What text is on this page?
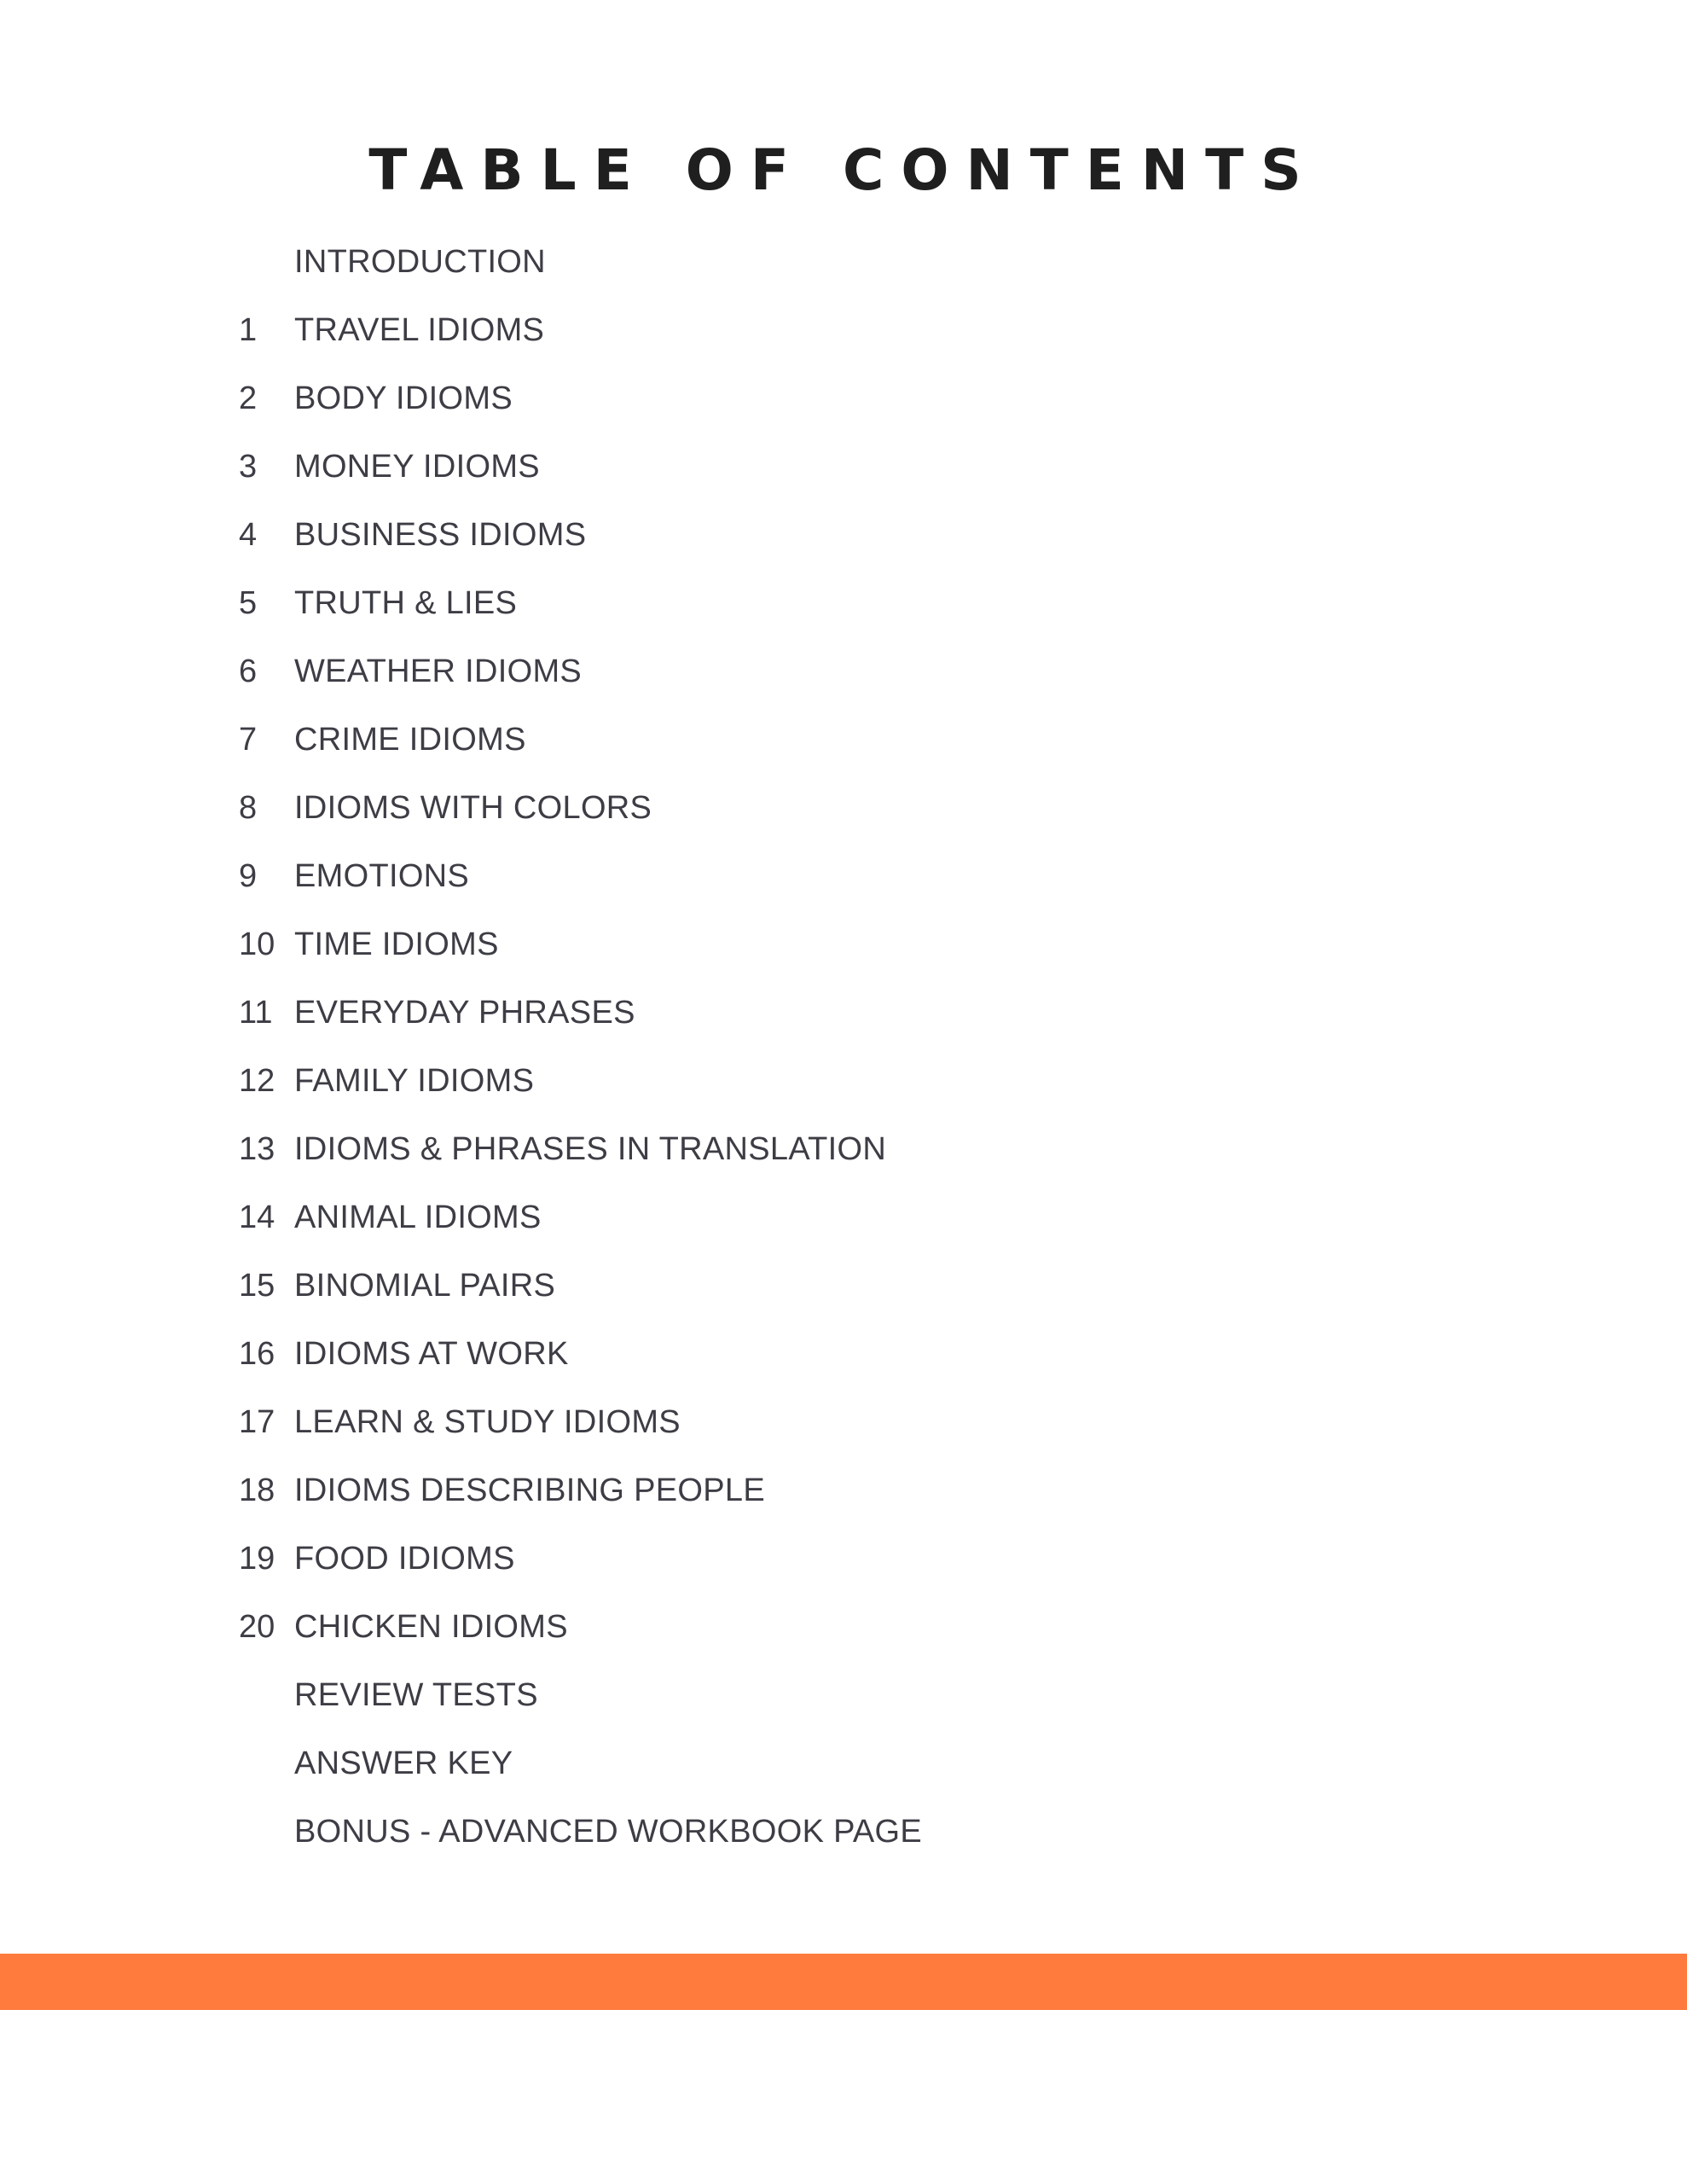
TABLE OF CONTENTS
INTRODUCTION
1 TRAVEL IDIOMS
2 BODY IDIOMS
3 MONEY IDIOMS
4 BUSINESS IDIOMS
5 TRUTH & LIES
6 WEATHER IDIOMS
7 CRIME IDIOMS
8 IDIOMS WITH COLORS
9 EMOTIONS
10 TIME IDIOMS
11 EVERYDAY PHRASES
12 FAMILY IDIOMS
13 IDIOMS & PHRASES IN TRANSLATION
14 ANIMAL IDIOMS
15 BINOMIAL PAIRS
16 IDIOMS AT WORK
17 LEARN & STUDY IDIOMS
18 IDIOMS DESCRIBING PEOPLE
19 FOOD IDIOMS
20 CHICKEN IDIOMS
REVIEW TESTS
ANSWER KEY
BONUS - ADVANCED WORKBOOK PAGE
